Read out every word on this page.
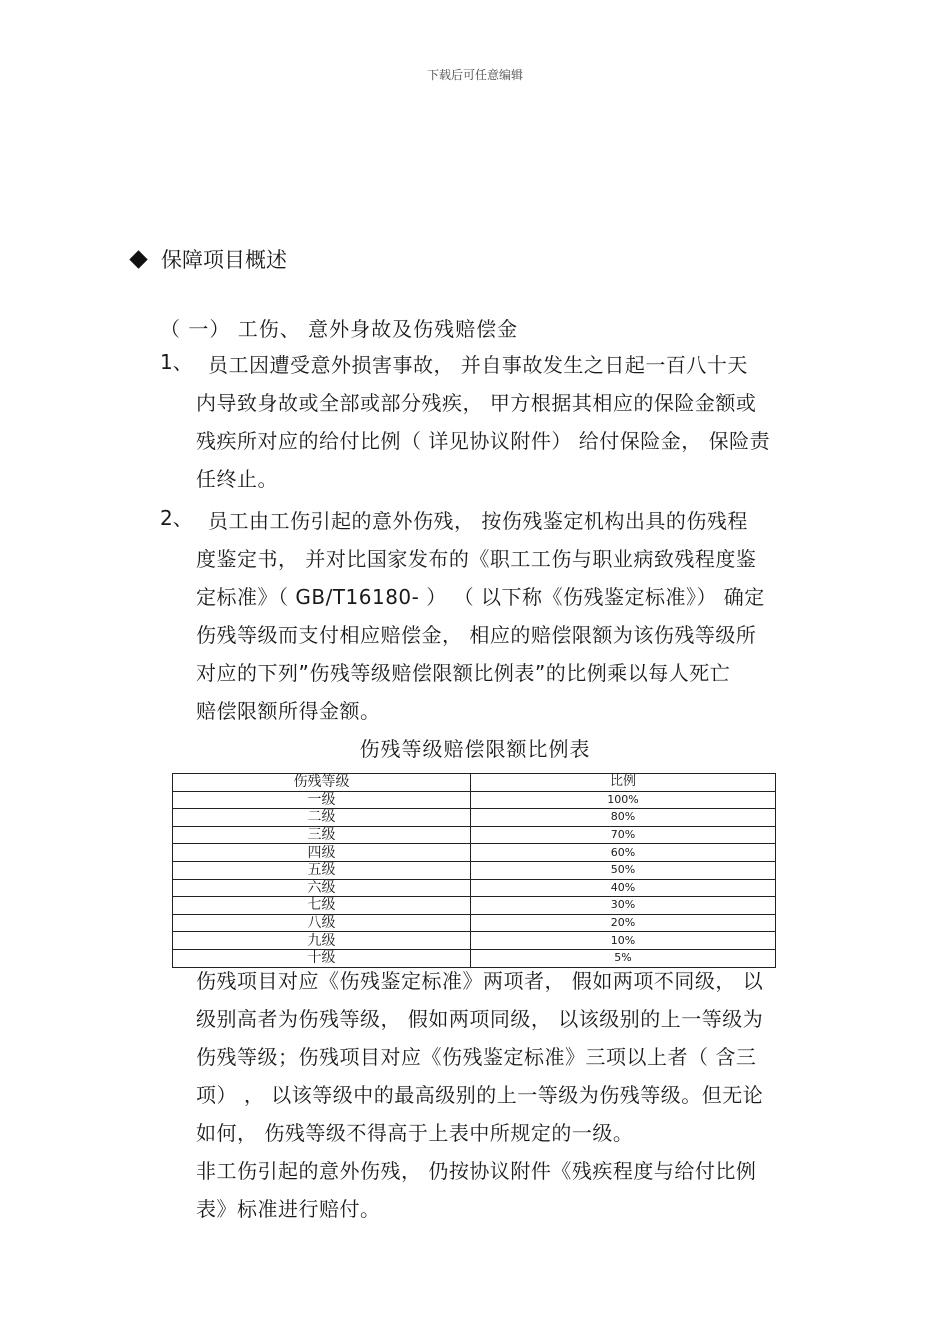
下载后可任意编辑
保障项目概述
（ 一） 工伤、 意外身故及伤残赔偿金
1、 员工因遭受意外损害事故， 并自事故发生之日起一百八十天
内导致身故或全部或部分残疾， 甲方根据其相应的保险金额或
残疾所对应的给付比例（ 详见协议附件） 给付保险金， 保险责
任终止。
2、 员工由工伤引起的意外伤残， 按伤残鉴定机构出具的伤残程
度鉴定书， 并对比国家发布的《职工工伤与职业病致残程度鉴
定标准》（ GB/T16180- ） （ 以下称《伤残鉴定标准》） 确定
伤残等级而支付相应赔偿金， 相应的赔偿限额为该伤残等级所
对应的下列”伤残等级赔偿限额比例表”的比例乘以每人死亡
赔偿限额所得金额。
伤残等级赔偿限额比例表
伤残等级	比例
一级	100%
二级	80%
三级	70%
四级	60%
五级	50%
六级	40%
七级	30%
八级	20%
九级	10%
十级	5%
伤残项目对应《伤残鉴定标准》两项者， 假如两项不同级， 以
级别高者为伤残等级， 假如两项同级， 以该级别的上一等级为
伤残等级；伤残项目对应《伤残鉴定标准》三项以上者（ 含三
项） ， 以该等级中的最高级别的上一等级为伤残等级。但无论
如何， 伤残等级不得高于上表中所规定的一级。
非工伤引起的意外伤残， 仍按协议附件《残疾程度与给付比例
表》标准进行赔付。
